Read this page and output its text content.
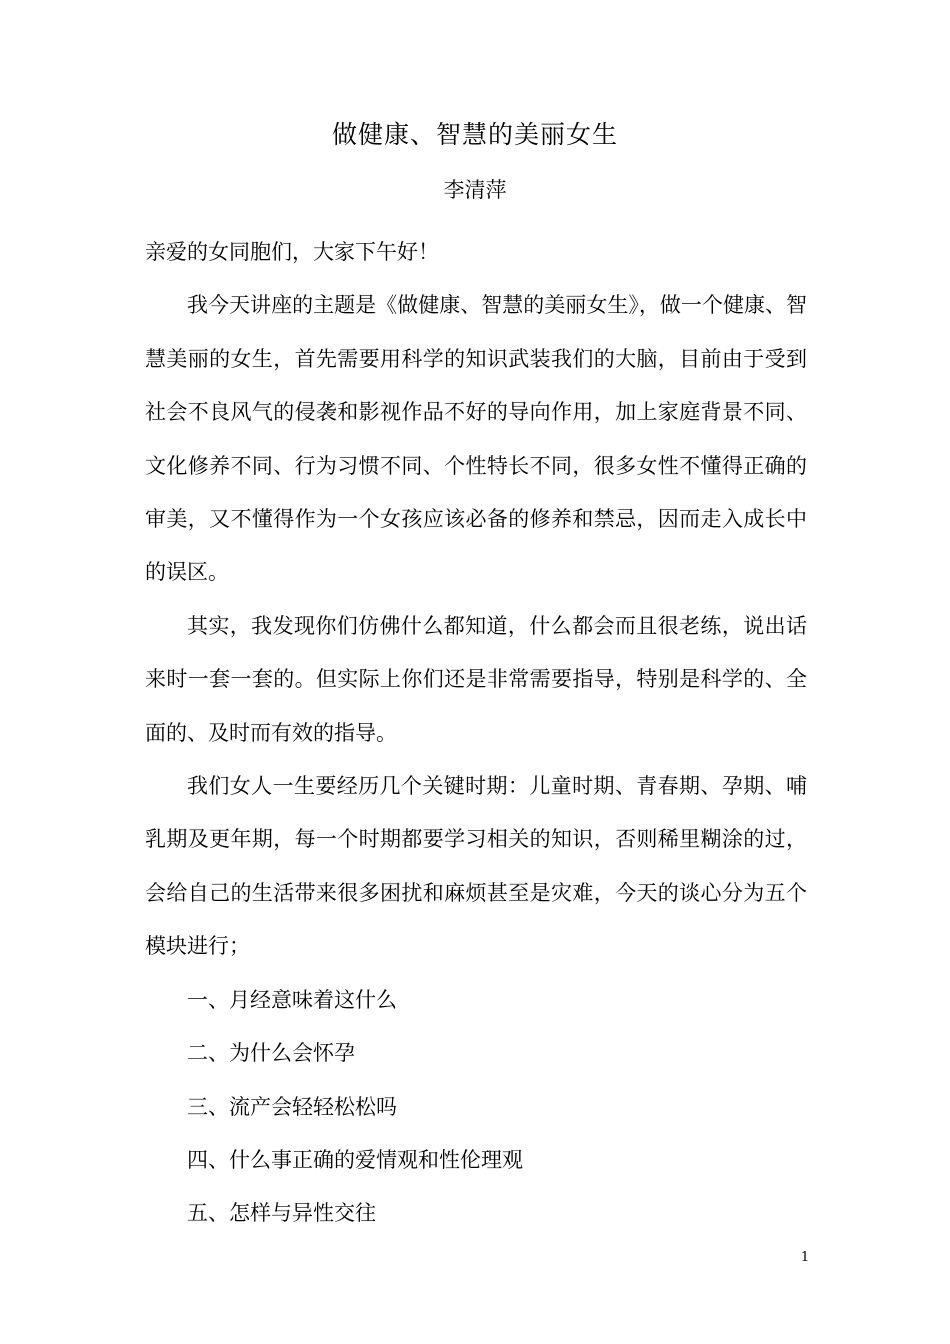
做健康、智慧的美丽女生
李清萍

亲爱的女同胞们，大家下午好！

我今天讲座的主题是《做健康、智慧的美丽女生》，做一个健康、智慧美丽的女生，首先需要用科学的知识武装我们的大脑，目前由于受到社会不良风气的侵袭和影视作品不好的导向作用，加上家庭背景不同、文化修养不同、行为习惯不同、个性特长不同，很多女性不懂得正确的审美，又不懂得作为一个女孩应该必备的修养和禁忌，因而走入成长中的误区。

其实，我发现你们仿佛什么都知道，什么都会而且很老练，说出话来时一套一套的。但实际上你们还是非常需要指导，特别是科学的、全面的、及时而有效的指导。

我们女人一生要经历几个关键时期：儿童时期、青春期、孕期、哺乳期及更年期，每一个时期都要学习相关的知识，否则稀里糊涂的过，会给自己的生活带来很多困扰和麻烦甚至是灾难，今天的谈心分为五个模块进行；

一、月经意味着这什么

二、为什么会怀孕

三、流产会轻轻松松吗

四、什么事正确的爱情观和性伦理观

五、怎样与异性交往

1
